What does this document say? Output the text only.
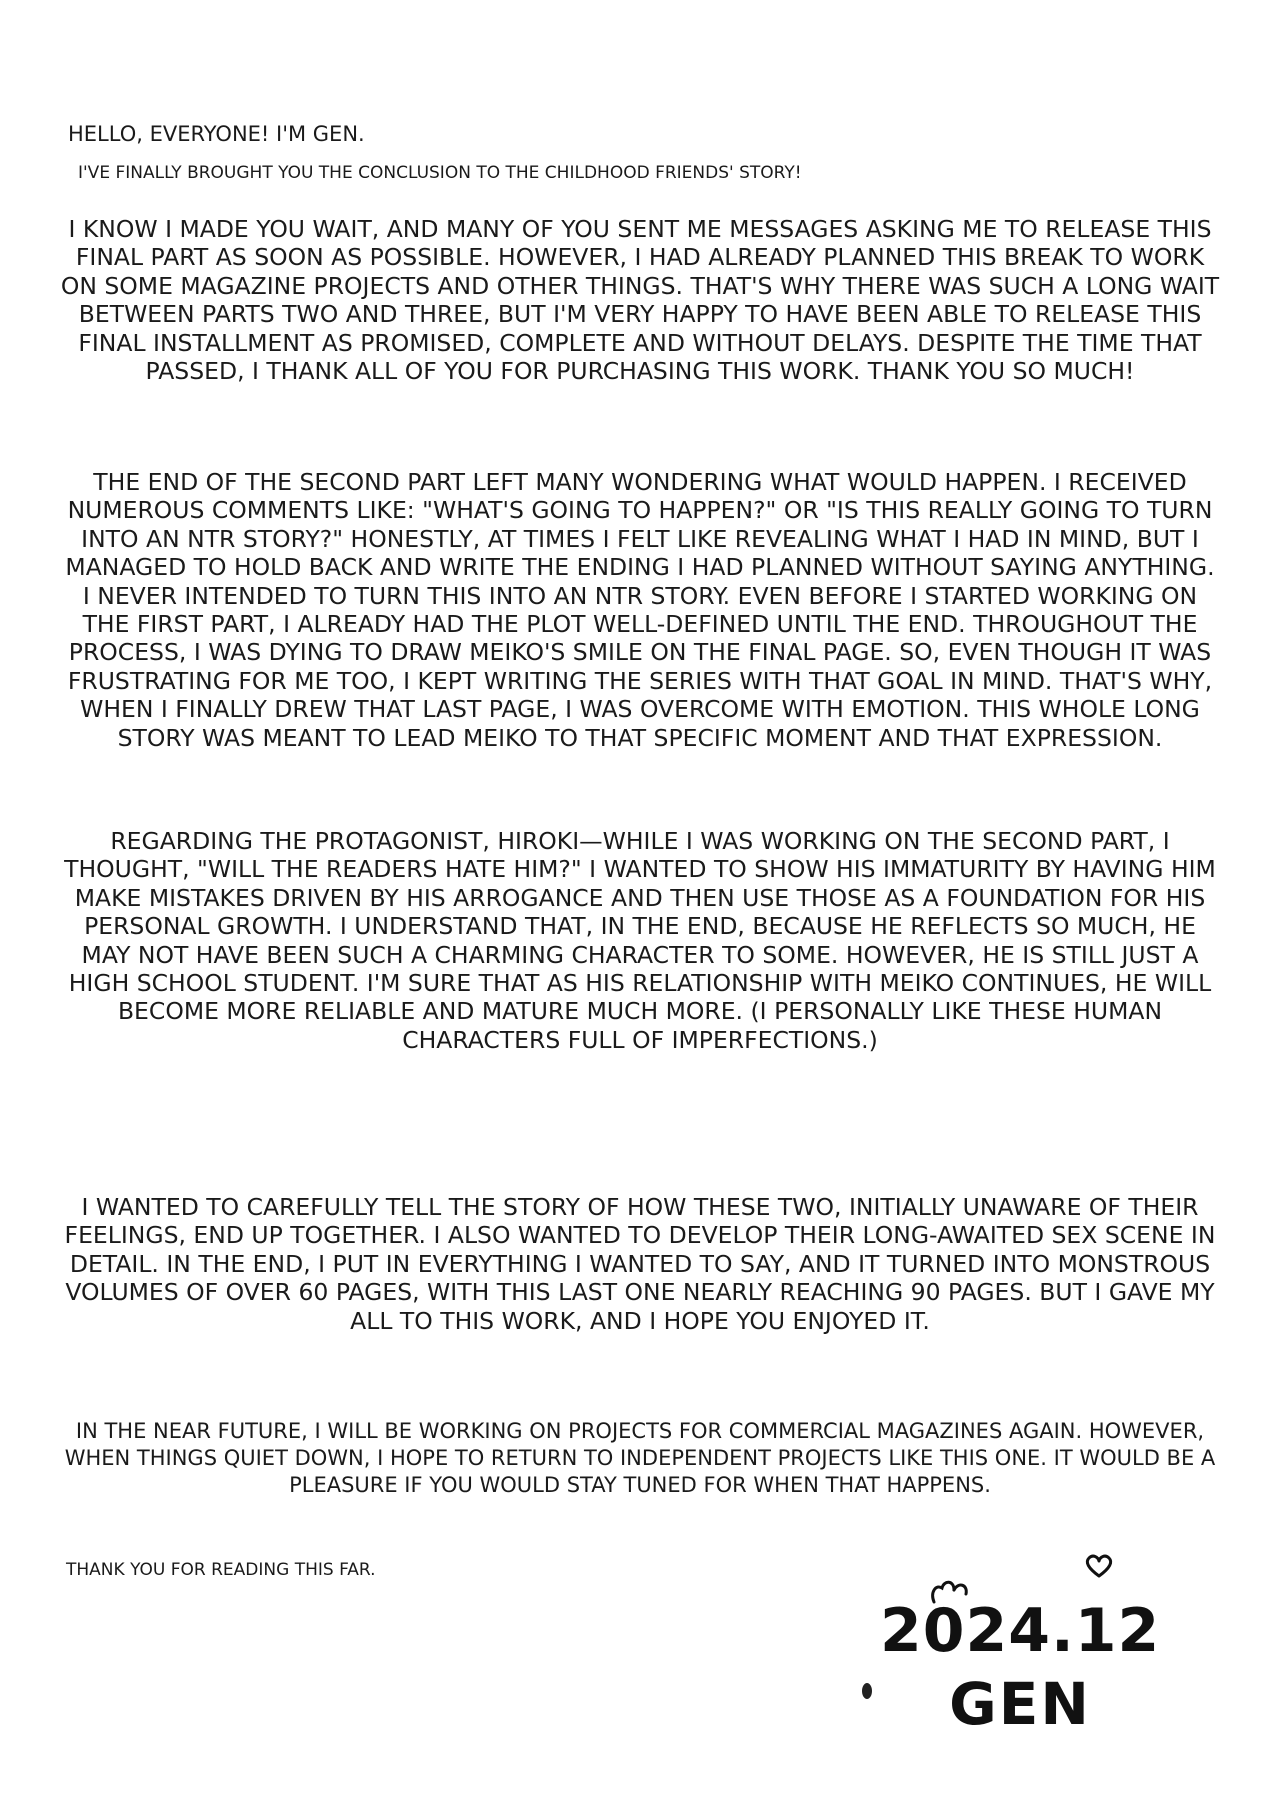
HELLO, EVERYONE! I'M GEN.

I'VE FINALLY BROUGHT YOU THE CONCLUSION TO THE CHILDHOOD FRIENDS' STORY!

I KNOW I MADE YOU WAIT, AND MANY OF YOU SENT ME MESSAGES ASKING ME TO RELEASE THIS FINAL PART AS SOON AS POSSIBLE. HOWEVER, I HAD ALREADY PLANNED THIS BREAK TO WORK ON SOME MAGAZINE PROJECTS AND OTHER THINGS. THAT'S WHY THERE WAS SUCH A LONG WAIT BETWEEN PARTS TWO AND THREE, BUT I'M VERY HAPPY TO HAVE BEEN ABLE TO RELEASE THIS FINAL INSTALLMENT AS PROMISED, COMPLETE AND WITHOUT DELAYS. DESPITE THE TIME THAT PASSED, I THANK ALL OF YOU FOR PURCHASING THIS WORK. THANK YOU SO MUCH!

THE END OF THE SECOND PART LEFT MANY WONDERING WHAT WOULD HAPPEN. I RECEIVED NUMEROUS COMMENTS LIKE: "WHAT'S GOING TO HAPPEN?" OR "IS THIS REALLY GOING TO TURN INTO AN NTR STORY?" HONESTLY, AT TIMES I FELT LIKE REVEALING WHAT I HAD IN MIND, BUT I MANAGED TO HOLD BACK AND WRITE THE ENDING I HAD PLANNED WITHOUT SAYING ANYTHING. I NEVER INTENDED TO TURN THIS INTO AN NTR STORY. EVEN BEFORE I STARTED WORKING ON THE FIRST PART, I ALREADY HAD THE PLOT WELL-DEFINED UNTIL THE END. THROUGHOUT THE PROCESS, I WAS DYING TO DRAW MEIKO'S SMILE ON THE FINAL PAGE. SO, EVEN THOUGH IT WAS FRUSTRATING FOR ME TOO, I KEPT WRITING THE SERIES WITH THAT GOAL IN MIND. THAT'S WHY, WHEN I FINALLY DREW THAT LAST PAGE, I WAS OVERCOME WITH EMOTION. THIS WHOLE LONG STORY WAS MEANT TO LEAD MEIKO TO THAT SPECIFIC MOMENT AND THAT EXPRESSION.

REGARDING THE PROTAGONIST, HIROKI—WHILE I WAS WORKING ON THE SECOND PART, I THOUGHT, "WILL THE READERS HATE HIM?" I WANTED TO SHOW HIS IMMATURITY BY HAVING HIM MAKE MISTAKES DRIVEN BY HIS ARROGANCE AND THEN USE THOSE AS A FOUNDATION FOR HIS PERSONAL GROWTH. I UNDERSTAND THAT, IN THE END, BECAUSE HE REFLECTS SO MUCH, HE MAY NOT HAVE BEEN SUCH A CHARMING CHARACTER TO SOME. HOWEVER, HE IS STILL JUST A HIGH SCHOOL STUDENT. I'M SURE THAT AS HIS RELATIONSHIP WITH MEIKO CONTINUES, HE WILL BECOME MORE RELIABLE AND MATURE MUCH MORE. (I PERSONALLY LIKE THESE HUMAN CHARACTERS FULL OF IMPERFECTIONS.)

I WANTED TO CAREFULLY TELL THE STORY OF HOW THESE TWO, INITIALLY UNAWARE OF THEIR FEELINGS, END UP TOGETHER. I ALSO WANTED TO DEVELOP THEIR LONG-AWAITED SEX SCENE IN DETAIL. IN THE END, I PUT IN EVERYTHING I WANTED TO SAY, AND IT TURNED INTO MONSTROUS VOLUMES OF OVER 60 PAGES, WITH THIS LAST ONE NEARLY REACHING 90 PAGES. BUT I GAVE MY ALL TO THIS WORK, AND I HOPE YOU ENJOYED IT.

IN THE NEAR FUTURE, I WILL BE WORKING ON PROJECTS FOR COMMERCIAL MAGAZINES AGAIN. HOWEVER, WHEN THINGS QUIET DOWN, I HOPE TO RETURN TO INDEPENDENT PROJECTS LIKE THIS ONE. IT WOULD BE A PLEASURE IF YOU WOULD STAY TUNED FOR WHEN THAT HAPPENS.

THANK YOU FOR READING THIS FAR.

2024.12
GEN
